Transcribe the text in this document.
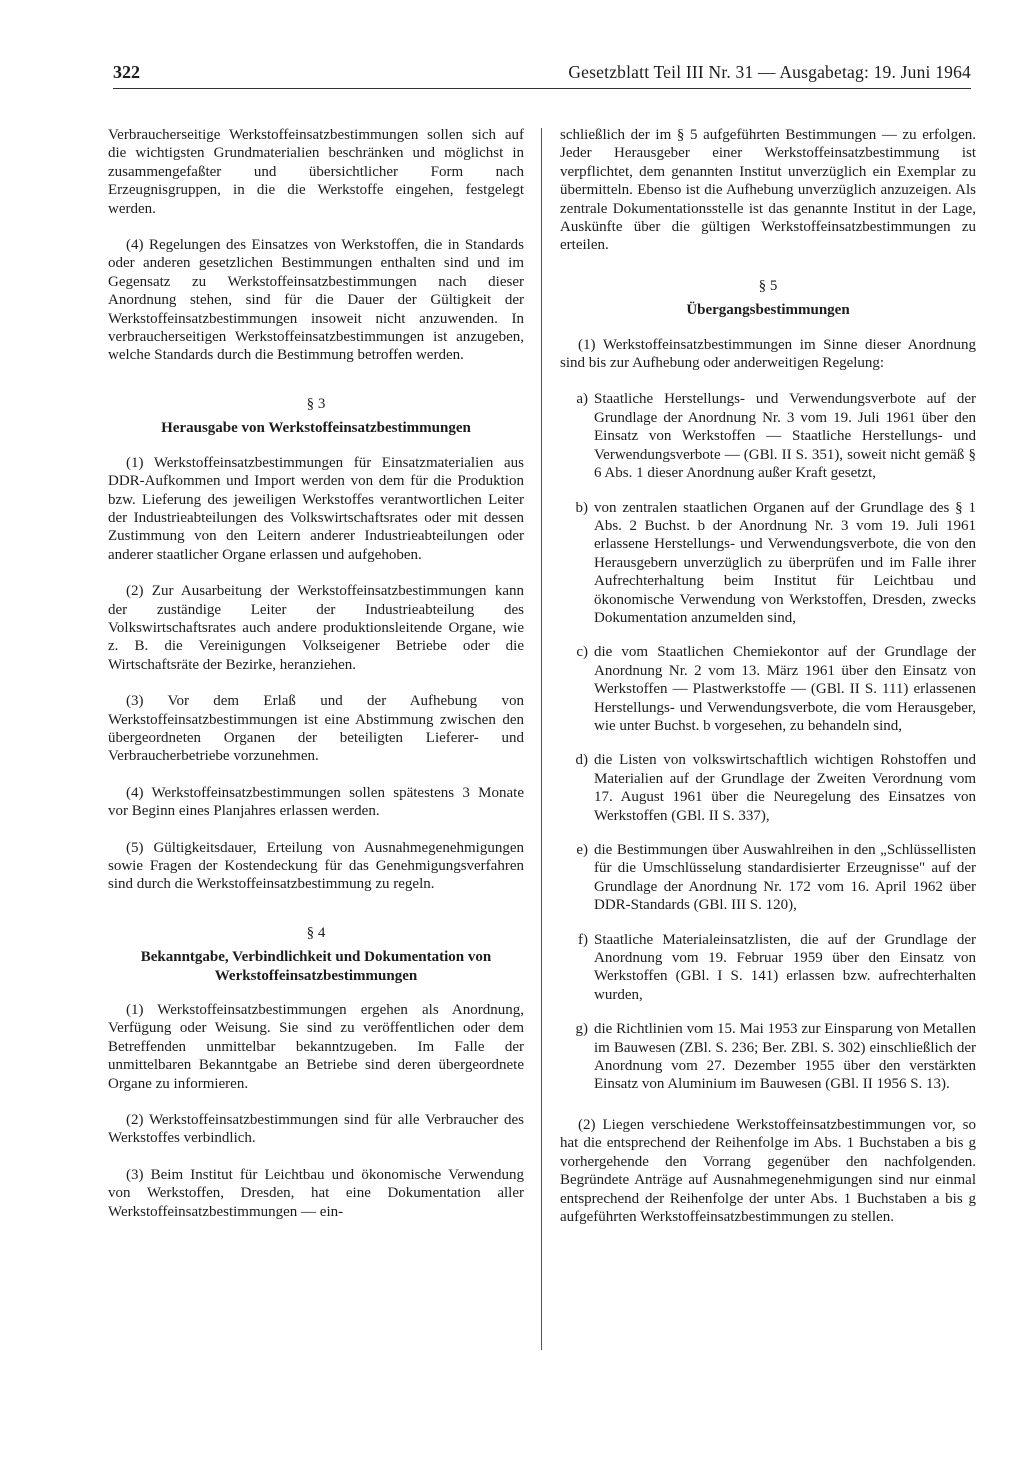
322	Gesetzblatt Teil III Nr. 31 — Ausgabetag: 19. Juni 1964

Verbraucherseitige Werkstoffeinsatzbestimmungen sollen sich auf die wichtigsten Grundmaterialien beschränken und möglichst in zusammengefaßter und übersichtlicher Form nach Erzeugnisgruppen, in die die Werkstoffe eingehen, festgelegt werden.

(4) Regelungen des Einsatzes von Werkstoffen, die in Standards oder anderen gesetzlichen Bestimmungen enthalten sind und im Gegensatz zu Werkstoffeinsatzbestimmungen nach dieser Anordnung stehen, sind für die Dauer der Gültigkeit der Werkstoffeinsatzbestimmungen insoweit nicht anzuwenden. In verbraucherseitigen Werkstoffeinsatzbestimmungen ist anzugeben, welche Standards durch die Bestimmung betroffen werden.

§ 3
Herausgabe von Werkstoffeinsatzbestimmungen

(1) Werkstoffeinsatzbestimmungen für Einsatzmaterialien aus DDR-Aufkommen und Import werden von dem für die Produktion bzw. Lieferung des jeweiligen Werkstoffes verantwortlichen Leiter der Industrieabteilungen des Volkswirtschaftsrates oder mit dessen Zustimmung von den Leitern anderer Industrieabteilungen oder anderer staatlicher Organe erlassen und aufgehoben.

(2) Zur Ausarbeitung der Werkstoffeinsatzbestimmungen kann der zuständige Leiter der Industrieabteilung des Volkswirtschaftsrates auch andere produktionsleitende Organe, wie z. B. die Vereinigungen Volkseigener Betriebe oder die Wirtschaftsräte der Bezirke, heranziehen.

(3) Vor dem Erlaß und der Aufhebung von Werkstoffeinsatzbestimmungen ist eine Abstimmung zwischen den übergeordneten Organen der beteiligten Lieferer- und Verbraucherbetriebe vorzunehmen.

(4) Werkstoffeinsatzbestimmungen sollen spätestens 3 Monate vor Beginn eines Planjahres erlassen werden.

(5) Gültigkeitsdauer, Erteilung von Ausnahmegenehmigungen sowie Fragen der Kostendeckung für das Genehmigungsverfahren sind durch die Werkstoffeinsatzbestimmung zu regeln.

§ 4
Bekanntgabe, Verbindlichkeit und Dokumentation von Werkstoffeinsatzbestimmungen

(1) Werkstoffeinsatzbestimmungen ergehen als Anordnung, Verfügung oder Weisung. Sie sind zu veröffentlichen oder dem Betreffenden unmittelbar bekanntzugeben. Im Falle der unmittelbaren Bekanntgabe an Betriebe sind deren übergeordnete Organe zu informieren.

(2) Werkstoffeinsatzbestimmungen sind für alle Verbraucher des Werkstoffes verbindlich.

(3) Beim Institut für Leichtbau und ökonomische Verwendung von Werkstoffen, Dresden, hat eine Dokumentation aller Werkstoffeinsatzbestimmungen — ein-

schließlich der im § 5 aufgeführten Bestimmungen — zu erfolgen. Jeder Herausgeber einer Werkstoffeinsatzbestimmung ist verpflichtet, dem genannten Institut unverzüglich ein Exemplar zu übermitteln. Ebenso ist die Aufhebung unverzüglich anzuzeigen. Als zentrale Dokumentationsstelle ist das genannte Institut in der Lage, Auskünfte über die gültigen Werkstoffeinsatzbestimmungen zu erteilen.

§ 5
Übergangsbestimmungen

(1) Werkstoffeinsatzbestimmungen im Sinne dieser Anordnung sind bis zur Aufhebung oder anderweitigen Regelung:

a) Staatliche Herstellungs- und Verwendungsverbote auf der Grundlage der Anordnung Nr. 3 vom 19. Juli 1961 über den Einsatz von Werkstoffen — Staatliche Herstellungs- und Verwendungsverbote — (GBl. II S. 351), soweit nicht gemäß § 6 Abs. 1 dieser Anordnung außer Kraft gesetzt,
b) von zentralen staatlichen Organen auf der Grundlage des § 1 Abs. 2 Buchst. b der Anordnung Nr. 3 vom 19. Juli 1961 erlassene Herstellungs- und Verwendungsverbote, die von den Herausgebern unverzüglich zu überprüfen und im Falle ihrer Aufrechterhaltung beim Institut für Leichtbau und ökonomische Verwendung von Werkstoffen, Dresden, zwecks Dokumentation anzumelden sind,
c) die vom Staatlichen Chemiekontor auf der Grundlage der Anordnung Nr. 2 vom 13. März 1961 über den Einsatz von Werkstoffen — Plastwerkstoffe — (GBl. II S. 111) erlassenen Herstellungs- und Verwendungsverbote, die vom Herausgeber, wie unter Buchst. b vorgesehen, zu behandeln sind,
d) die Listen von volkswirtschaftlich wichtigen Rohstoffen und Materialien auf der Grundlage der Zweiten Verordnung vom 17. August 1961 über die Neuregelung des Einsatzes von Werkstoffen (GBl. II S. 337),
e) die Bestimmungen über Auswahlreihen in den „Schlüssellisten für die Umschlüsselung standardisierter Erzeugnisse" auf der Grundlage der Anordnung Nr. 172 vom 16. April 1962 über DDR-Standards (GBl. III S. 120),
f) Staatliche Materialeinsatzlisten, die auf der Grundlage der Anordnung vom 19. Februar 1959 über den Einsatz von Werkstoffen (GBl. I S. 141) erlassen bzw. aufrechterhalten wurden,
g) die Richtlinien vom 15. Mai 1953 zur Einsparung von Metallen im Bauwesen (ZBl. S. 236; Ber. ZBl. S. 302) einschließlich der Anordnung vom 27. Dezember 1955 über den verstärkten Einsatz von Aluminium im Bauwesen (GBl. II 1956 S. 13).

(2) Liegen verschiedene Werkstoffeinsatzbestimmungen vor, so hat die entsprechend der Reihenfolge im Abs. 1 Buchstaben a bis g vorhergehende den Vorrang gegenüber den nachfolgenden. Begründete Anträge auf Ausnahmegenehmigungen sind nur einmal entsprechend der Reihenfolge der unter Abs. 1 Buchstaben a bis g aufgeführten Werkstoffeinsatzbestimmungen zu stellen.
